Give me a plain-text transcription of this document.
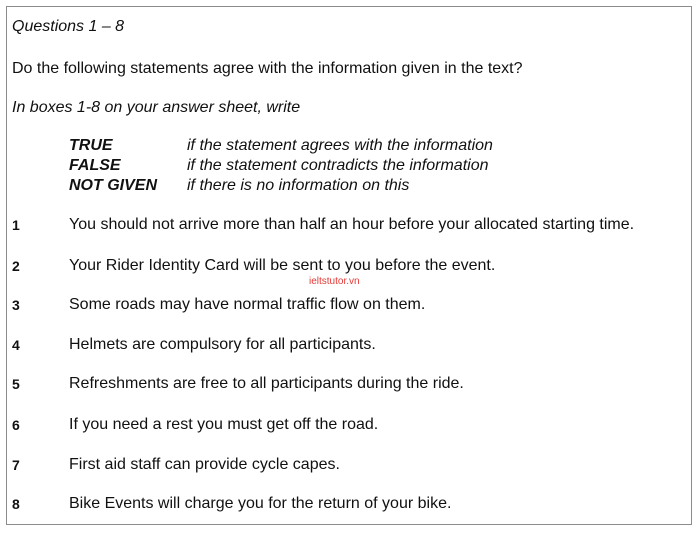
Questions 1 – 8
Do the following statements agree with the information given in the text?
In boxes 1-8 on your answer sheet, write
TRUE	if the statement agrees with the information
FALSE	if the statement contradicts the information
NOT GIVEN if there is no information on this
1	You should not arrive more than half an hour before your allocated starting time.
2	Your Rider Identity Card will be sent to you before the event.
3	Some roads may have normal traffic flow on them.
4	Helmets are compulsory for all participants.
5	Refreshments are free to all participants during the ride.
6	If you need a rest you must get off the road.
7	First aid staff can provide cycle capes.
8	Bike Events will charge you for the return of your bike.
ieltstutor.vn
